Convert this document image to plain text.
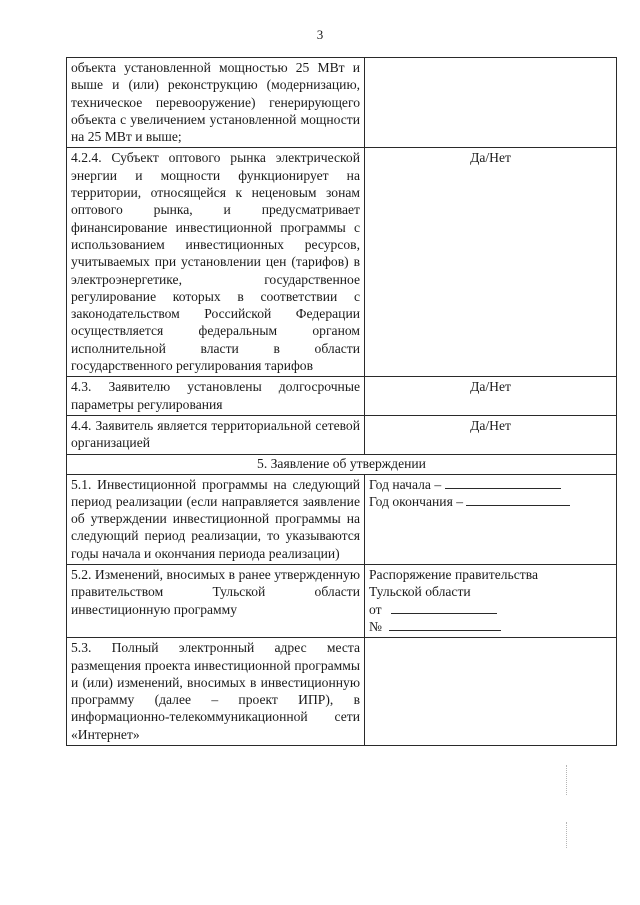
3
объекта установленной мощностью 25 МВт и выше и (или) реконструкцию (модернизацию, техническое перевооружение) генерирующего объекта с увеличением установленной мощности на 25 МВт и выше;	
4.2.4. Субъект оптового рынка электрической энергии и мощности функционирует на территории, относящейся к неценовым зонам оптового рынка, и предусматривает финансирование инвестиционной программы с использованием инвестиционных ресурсов, учитываемых при установлении цен (тарифов) в электроэнергетике, государственное регулирование которых в соответствии с законодательством Российской Федерации осуществляется федеральным органом исполнительной власти в области государственного регулирования тарифов	Да/Нет
4.3. Заявителю установлены долгосрочные параметры регулирования	Да/Нет
4.4. Заявитель является территориальной сетевой организацией	Да/Нет
5. Заявление об утверждении	
5.1. Инвестиционной программы на следующий период реализации (если направляется заявление об утверждении инвестиционной программы на следующий период реализации, то указываются годы начала и окончания периода реализации)	Год начала –
Год окончания –

5.2. Изменений, вносимых в ранее утвержденную правительством Тульской области инвестиционную программу	Распоряжение правительства
Тульской области
от
№

5.3. Полный электронный адрес места размещения проекта инвестиционной программы и (или) изменений, вносимых в инвестиционную программу (далее – проект ИПР), в информационно-телекоммуникационной сети «Интернет»	
